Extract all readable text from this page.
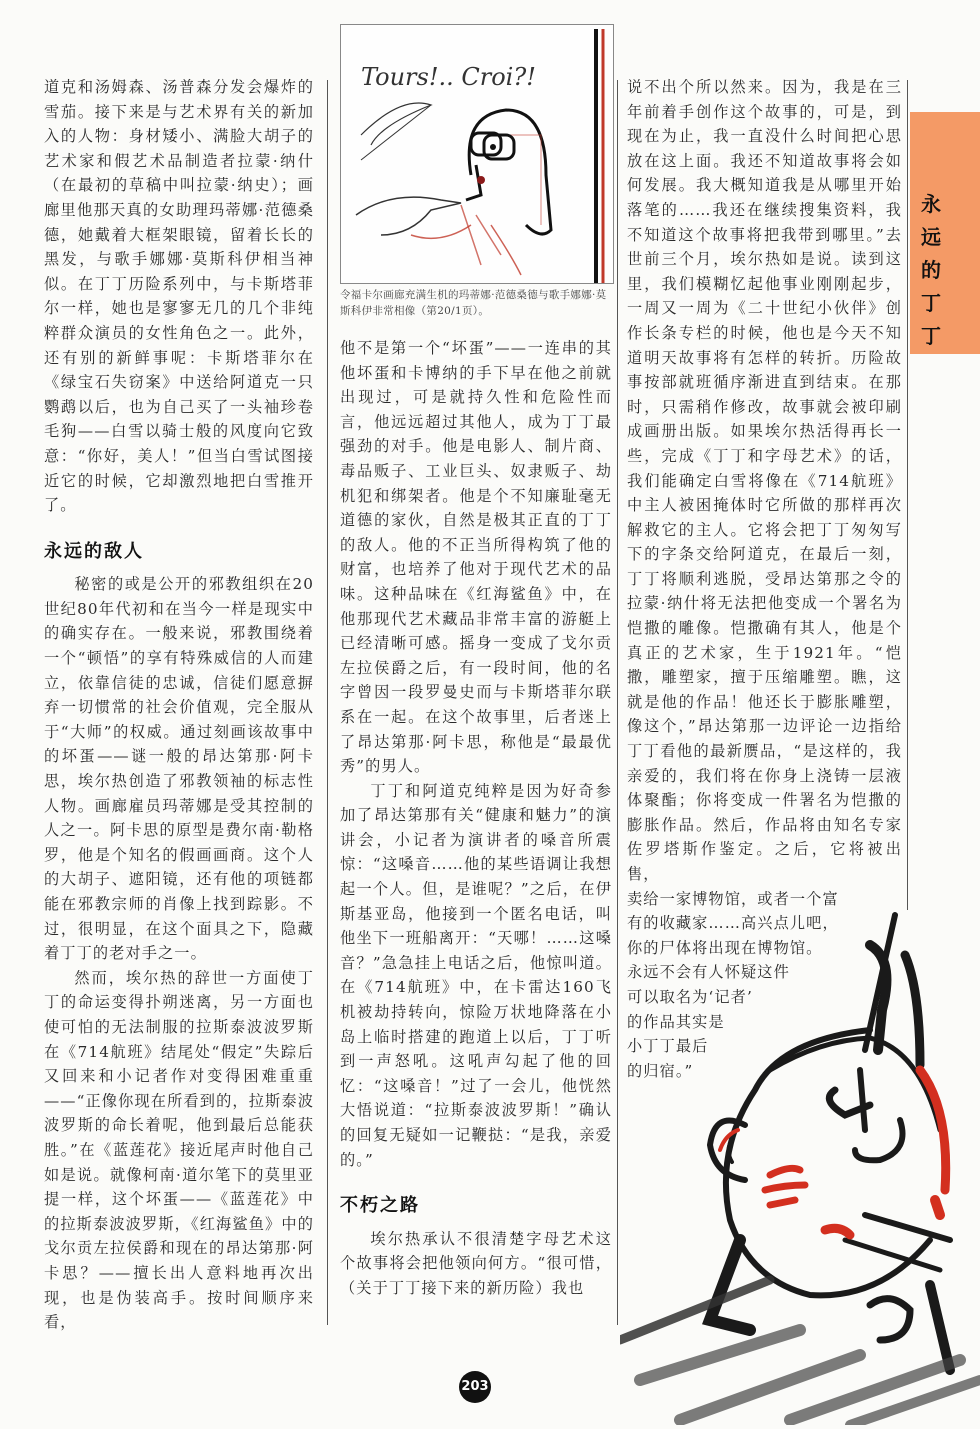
永远的丁丁
Tours!.. Croi?!
令福卡尔画廊充满生机的玛蒂娜·范德桑德与歌手娜娜·莫斯科伊非常相像（第20/1页）。

道克和汤姆森、汤普森分发会爆炸的雪茄。接下来是与艺术界有关的新加入的人物：身材矮小、满脸大胡子的艺术家和假艺术品制造者拉蒙·纳什（在最初的草稿中叫拉蒙·纳史）；画廊里他那天真的女助理玛蒂娜·范德桑德，她戴着大框架眼镜，留着长长的黑发，与歌手娜娜·莫斯科伊相当神似。在丁丁历险系列中，与卡斯塔菲尔一样，她也是寥寥无几的几个非纯粹群众演员的女性角色之一。此外，还有别的新鲜事呢：卡斯塔菲尔在《绿宝石失窃案》中送给阿道克一只鹦鹉以后，也为自己买了一头袖珍卷毛狗——白雪以骑士般的风度向它致意：“你好，美人！”但当白雪试图接近它的时候，它却激烈地把白雪推开了。

永远的敌人

秘密的或是公开的邪教组织在20世纪80年代初和在当今一样是现实中的确实存在。一般来说，邪教围绕着一个“顿悟”的享有特殊威信的人而建立，依靠信徒的忠诚，信徒们愿意摒弃一切惯常的社会价值观，完全服从于“大师”的权威。通过刻画该故事中的坏蛋——谜一般的昂达第那·阿卡思，埃尔热创造了邪教领袖的标志性人物。画廊雇员玛蒂娜是受其控制的人之一。阿卡思的原型是费尔南·勒格罗，他是个知名的假画画商。这个人的大胡子、遮阳镜，还有他的项链都能在邪教宗师的肖像上找到踪影。不过，很明显，在这个面具之下，隐藏着丁丁的老对手之一。

然而，埃尔热的辞世一方面使丁丁的命运变得扑朔迷离，另一方面也使可怕的无法制服的拉斯泰波波罗斯在《714航班》结尾处“假定”失踪后又回来和小记者作对变得困难重重——“正像你现在所看到的，拉斯泰波波罗斯的命长着呢，他到最后总能获胜。”在《蓝莲花》接近尾声时他自己如是说。就像柯南·道尔笔下的莫里亚提一样，这个坏蛋——《蓝莲花》中的拉斯泰波波罗斯，《红海鲨鱼》中的戈尔贡左拉侯爵和现在的昂达第那·阿卡思？——擅长出人意料地再次出现，也是伪装高手。按时间顺序来看，

他不是第一个“坏蛋”——一连串的其他坏蛋和卡博纳的手下早在他之前就出现过，可是就持久性和危险性而言，他远远超过其他人，成为丁丁最强劲的对手。他是电影人、制片商、毒品贩子、工业巨头、奴隶贩子、劫机犯和绑架者。他是个不知廉耻毫无道德的家伙，自然是极其正直的丁丁的敌人。他的不正当所得构筑了他的财富，也培养了他对于现代艺术的品味。这种品味在《红海鲨鱼》中，在他那现代艺术藏品非常丰富的游艇上已经清晰可感。摇身一变成了戈尔贡左拉侯爵之后，有一段时间，他的名字曾因一段罗曼史而与卡斯塔菲尔联系在一起。在这个故事里，后者迷上了昂达第那·阿卡思，称他是“最最优秀”的男人。

丁丁和阿道克纯粹是因为好奇参加了昂达第那有关“健康和魅力”的演讲会，小记者为演讲者的嗓音所震惊：“这嗓音……他的某些语调让我想起一个人。但，是谁呢？”之后，在伊斯基亚岛，他接到一个匿名电话，叫他坐下一班船离开：“天哪！……这嗓音？”急急挂上电话之后，他惊叫道。在《714航班》中，在卡雷达160飞机被劫持转向，惊险万状地降落在小岛上临时搭建的跑道上以后，丁丁听到一声怒吼。这吼声勾起了他的回忆：“这嗓音！”过了一会儿，他恍然大悟说道：“拉斯泰波波罗斯！”确认的回复无疑如一记鞭挞：“是我，亲爱的。”

不朽之路

埃尔热承认不很清楚字母艺术这个故事将会把他领向何方。“很可惜，（关于丁丁接下来的新历险）我也

说不出个所以然来。因为，我是在三年前着手创作这个故事的，可是，到现在为止，我一直没什么时间把心思放在这上面。我还不知道故事将会如何发展。我大概知道我是从哪里开始落笔的……我还在继续搜集资料，我不知道这个故事将把我带到哪里。”去世前三个月，埃尔热如是说。读到这里，我们模糊忆起他事业刚刚起步，一周又一周为《二十世纪小伙伴》创作长条专栏的时候，他也是今天不知道明天故事将有怎样的转折。历险故事按部就班循序渐进直到结束。在那时，只需稍作修改，故事就会被印刷成画册出版。如果埃尔热活得再长一些，完成《丁丁和字母艺术》的话，我们能确定白雪将像在《714航班》中主人被困掩体时它所做的那样再次解救它的主人。它将会把丁丁匆匆写下的字条交给阿道克，在最后一刻，丁丁将顺利逃脱，受昂达第那之令的拉蒙·纳什将无法把他变成一个署名为恺撒的雕像。恺撒确有其人，他是个真正的艺术家，生于1921年。“恺撒，雕塑家，擅于压缩雕塑。瞧，这就是他的作品！他还长于膨胀雕塑，像这个，”昂达第那一边评论一边指给丁丁看他的最新赝品，“是这样的，我亲爱的，我们将在你身上浇铸一层液体聚酯；你将变成一件署名为恺撒的膨胀作品。然后，作品将由知名专家佐罗塔斯作鉴定。之后，它将被出售，

卖给一家博物馆，或者一个富
有的收藏家……高兴点儿吧，
你的尸体将出现在博物馆。
永远不会有人怀疑这件
可以取名为‘记者’
的作品其实是
小丁丁最后
的归宿。”
203
